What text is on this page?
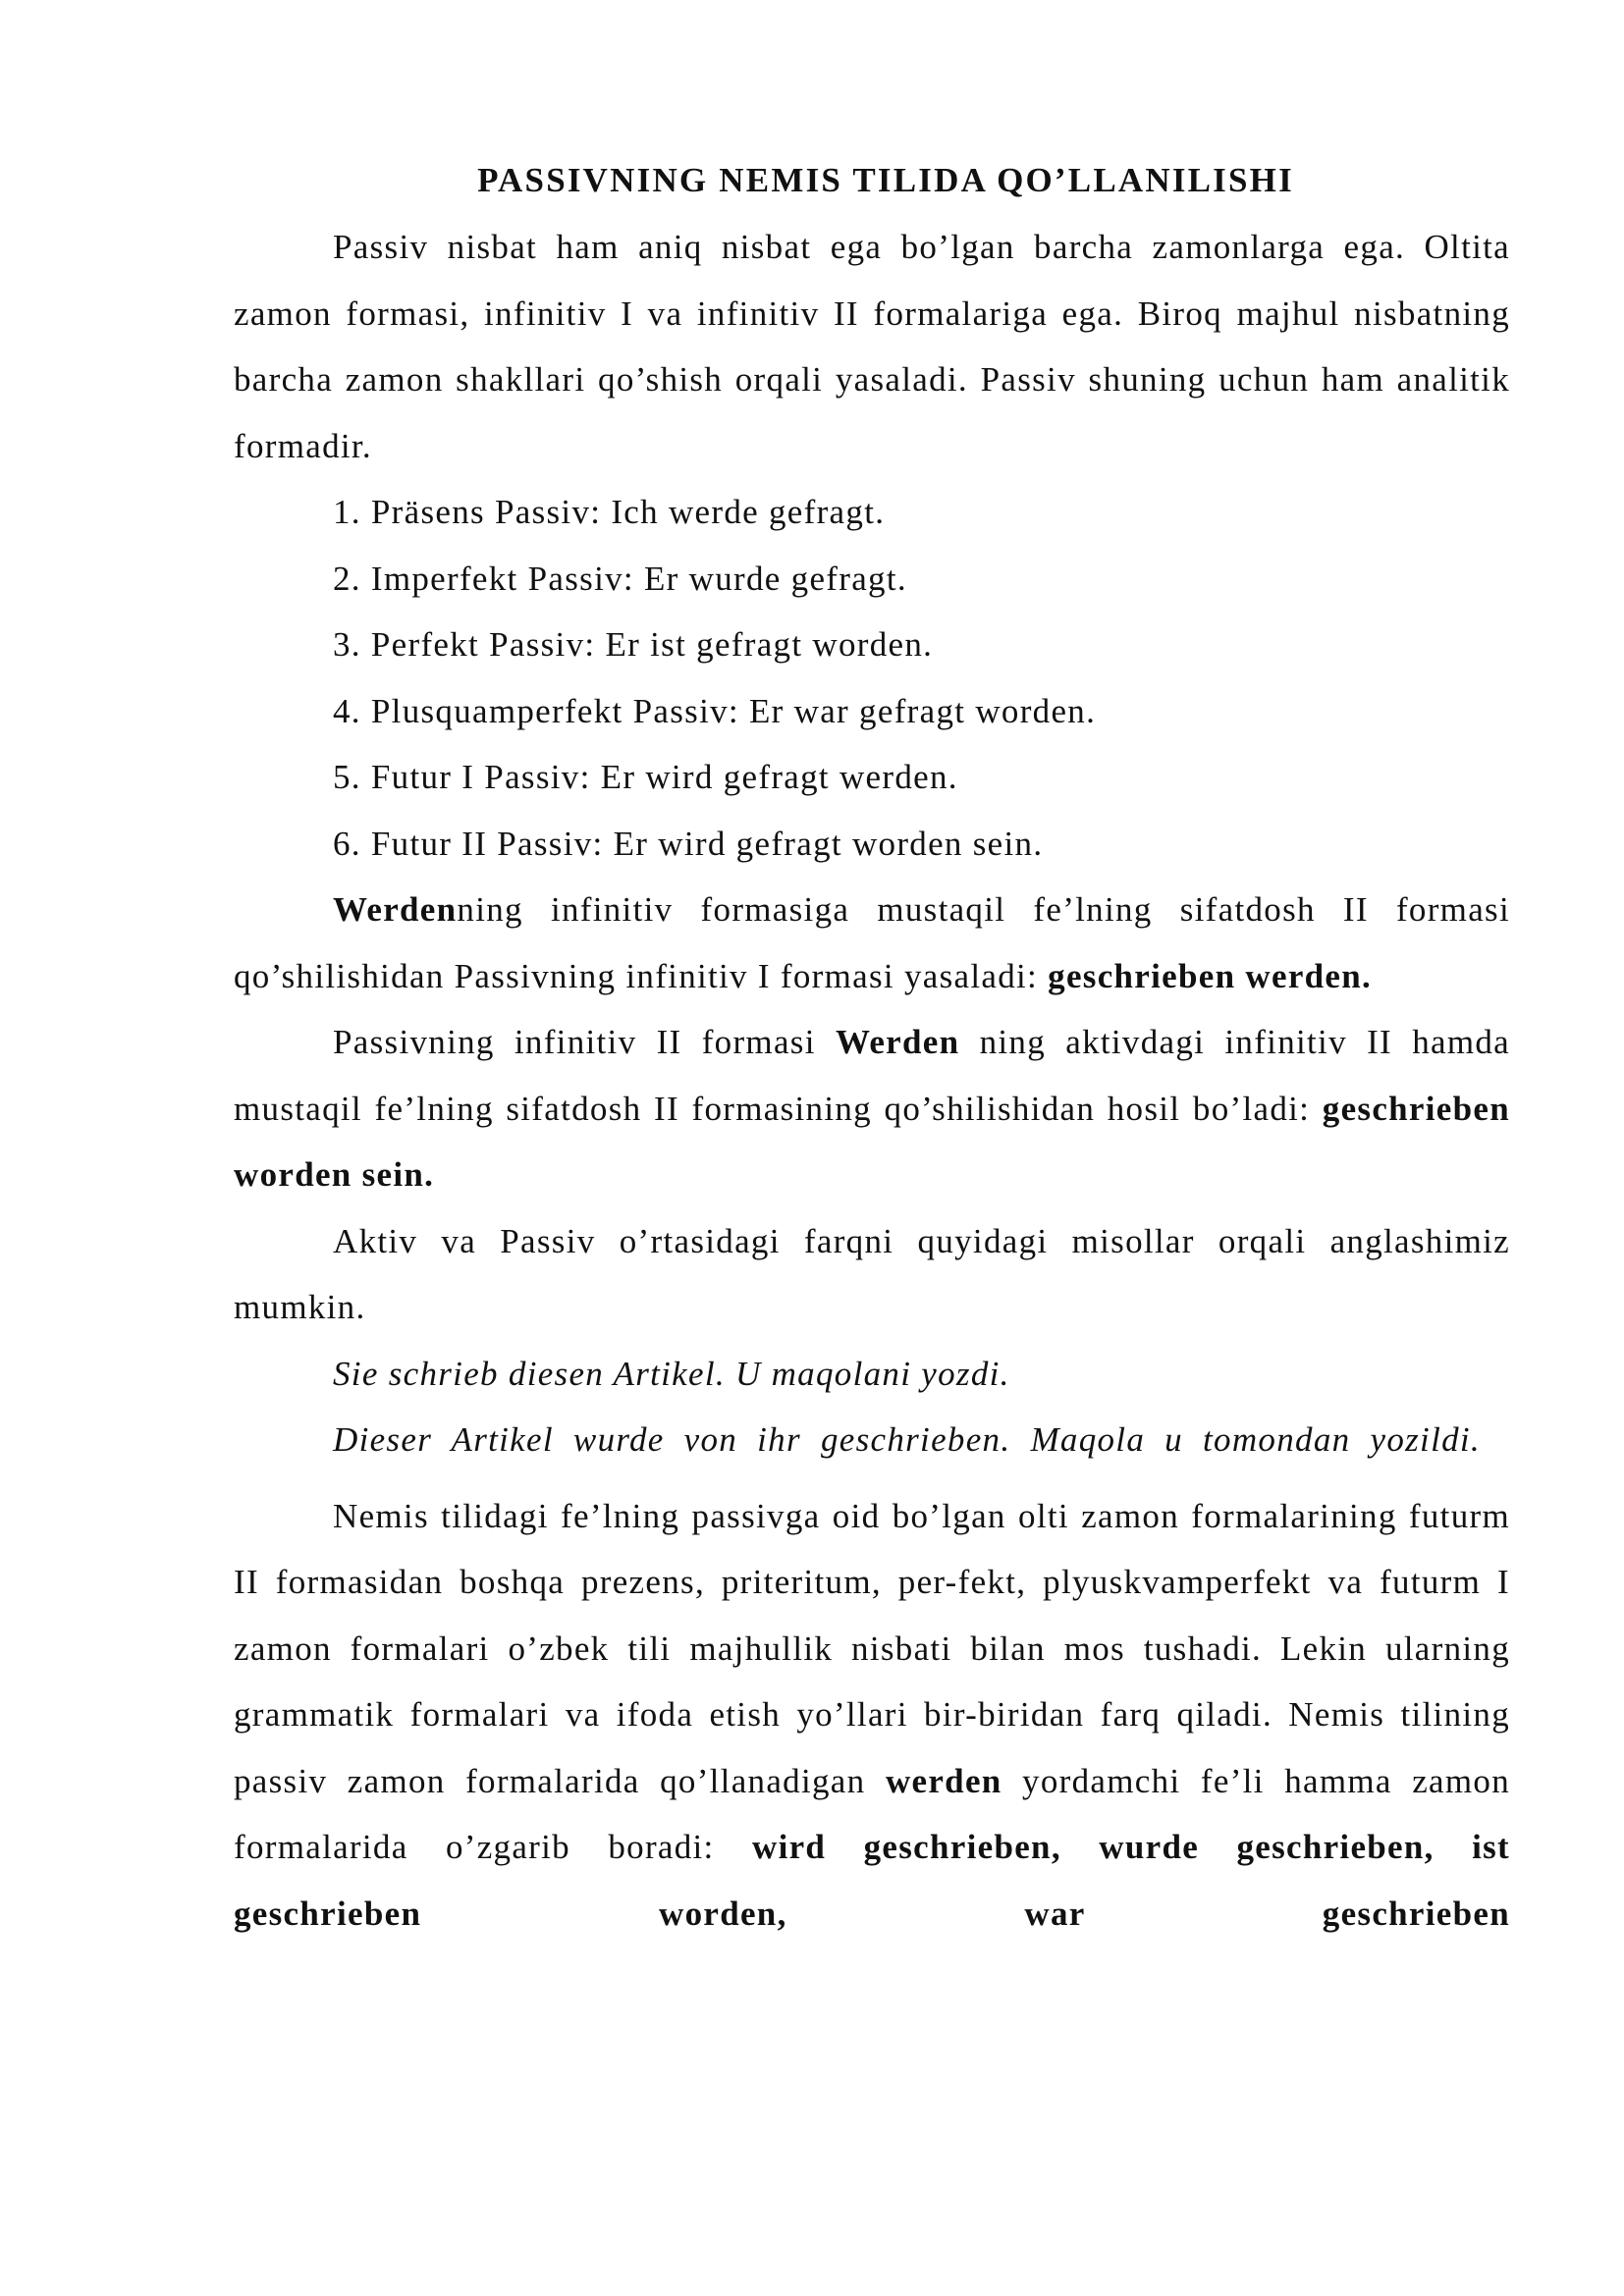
PASSIVNING NEMIS TILIDA QO’LLANILISHI

Passiv nisbat ham aniq nisbat ega bo’lgan barcha zamonlarga ega. Oltita zamon formasi, infinitiv I va infinitiv II formalariga ega. Biroq majhul nisbatning barcha zamon shakllari qo’shish orqali yasaladi. Passiv shuning uchun ham analitik formadir.

1. Präsens Passiv: Ich werde gefragt.

2. Imperfekt Passiv: Er wurde gefragt.

3. Perfekt Passiv: Er ist gefragt worden.

4. Plusquamperfekt Passiv: Er war gefragt worden.

5. Futur I Passiv: Er wird gefragt werden.

6. Futur II Passiv: Er wird gefragt worden sein.

Werdenning infinitiv formasiga mustaqil fe’lning sifatdosh II formasi qo’shilishidan Passivning infinitiv I formasi yasaladi: geschrieben werden.

Passivning infinitiv II formasi Werden ning aktivdagi infinitiv II hamda mustaqil fe’lning sifatdosh II formasining qo’shilishidan hosil bo’ladi: geschrieben worden sein.

Aktiv va Passiv o’rtasidagi farqni quyidagi misollar orqali anglashimiz mumkin.

Sie schrieb diesen Artikel. U maqolani yozdi.

Dieser Artikel wurde von ihr geschrieben. Maqola u tomondan yozildi.

Nemis tilidagi fe’lning passivga oid bo’lgan olti zamon formalarining futurm II formasidan boshqa prezens, priteritum, per-fekt, plyuskvamperfekt va futurm I zamon formalari o’zbek tili majhullik nisbati bilan mos tushadi. Lekin ularning grammatik formalari va ifoda etish yo’llari bir-biridan farq qiladi. Nemis tilining passiv zamon formalarida qo’llanadigan werden yordamchi fe’li hamma zamon formalarida o’zgarib boradi: wird geschrieben, wurde geschrieben, ist geschrieben worden, war geschrieben
